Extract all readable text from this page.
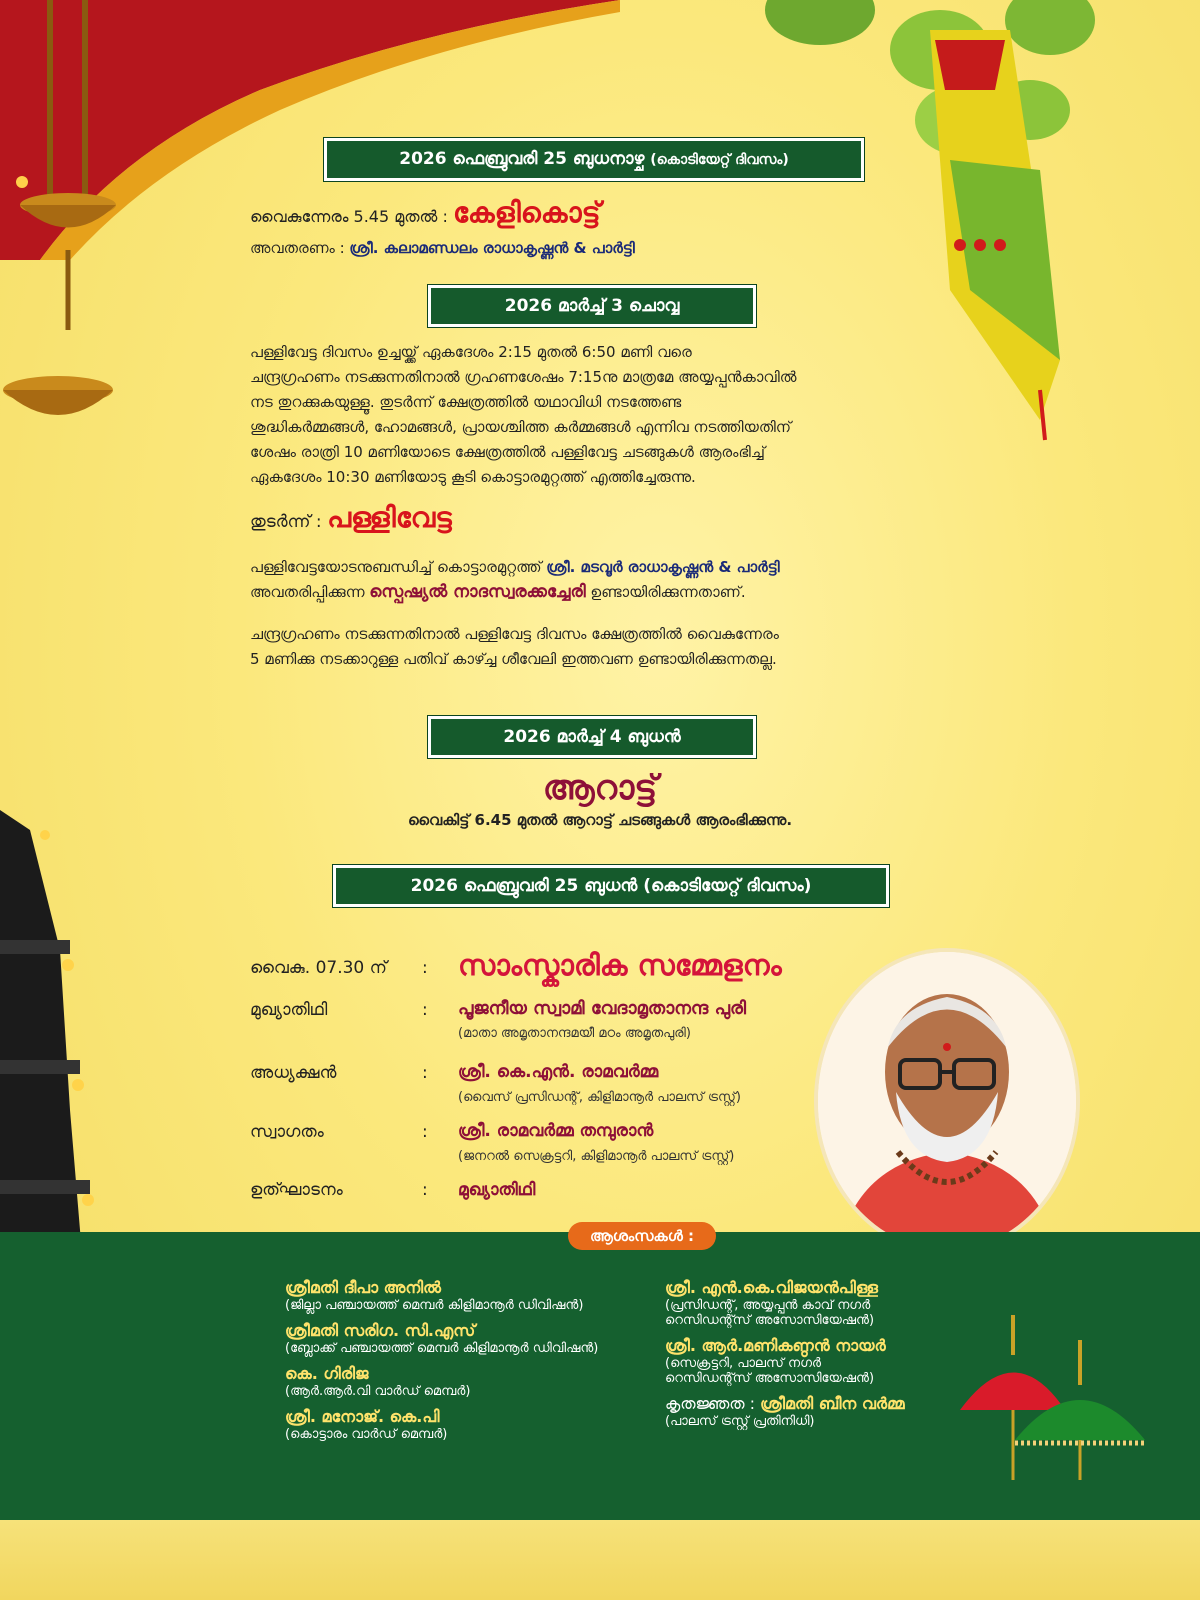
2026 ഫെബ്രുവരി 25 ബുധനാഴ്ച (കൊടിയേറ്റ് ദിവസം)
വൈകുന്നേരം 5.45 മുതൽ : കേളികൊട്ട്
അവതരണം : ശ്രീ. കലാമണ്ഡലം രാധാകൃഷ്ണൻ & പാർട്ടി
2026 മാർച്ച് 3 ചൊവ്വ
പള്ളിവേട്ട ദിവസം ഉച്ചയ്ക്ക് ഏകദേശം 2:15 മുതൽ 6:50 മണി വരെ
ചന്ദ്രഗ്രഹണം നടക്കുന്നതിനാൽ ഗ്രഹണശേഷം 7:15നു മാത്രമേ അയ്യപ്പൻകാവിൽ
നട തുറക്കുകയുള്ളൂ. തുടർന്ന് ക്ഷേത്രത്തിൽ യഥാവിധി നടത്തേണ്ട
ശുദ്ധികർമ്മങ്ങൾ, ഹോമങ്ങൾ, പ്രായശ്ചിത്ത കർമ്മങ്ങൾ എന്നിവ നടത്തിയതിന്
ശേഷം രാത്രി 10 മണിയോടെ ക്ഷേത്രത്തിൽ പള്ളിവേട്ട ചടങ്ങുകൾ ആരംഭിച്ച്
ഏകദേശം 10:30 മണിയോടു കൂടി കൊട്ടാരമുറ്റത്ത് എത്തിച്ചേരുന്നു.
തുടർന്ന് : പള്ളിവേട്ട
പള്ളിവേട്ടയോടനുബന്ധിച്ച് കൊട്ടാരമുറ്റത്ത് ശ്രീ. മടവൂർ രാധാകൃഷ്ണൻ & പാർട്ടി
അവതരിപ്പിക്കുന്ന സ്പെഷ്യൽ നാദസ്വരക്കച്ചേരി ഉണ്ടായിരിക്കുന്നതാണ്.
ചന്ദ്രഗ്രഹണം നടക്കുന്നതിനാൽ പള്ളിവേട്ട ദിവസം ക്ഷേത്രത്തിൽ വൈകുന്നേരം
5 മണിക്കു നടക്കാറുള്ള പതിവ് കാഴ്ച്ച ശീവേലി ഇത്തവണ ഉണ്ടായിരിക്കുന്നതല്ല.
2026 മാർച്ച് 4 ബുധൻ
ആറാട്ട്
വൈകിട്ട് 6.45 മുതൽ ആറാട്ട് ചടങ്ങുകൾ ആരംഭിക്കുന്നു.
2026 ഫെബ്രുവരി 25 ബുധൻ (കൊടിയേറ്റ് ദിവസം)
വൈകു. 07.30 ന് : സാംസ്കാരിക സമ്മേളനം
മുഖ്യാതിഥി	: പൂജനീയ സ്വാമി വേദാമൃതാനന്ദ പുരി
(മാതാ അമൃതാനന്ദമയീ മഠം അമൃതപുരി)
അധ്യക്ഷൻ	: ശ്രീ. കെ.എൻ. രാമവർമ്മ
(വൈസ് പ്രസിഡന്റ്, കിളിമാനൂർ പാലസ് ട്രസ്റ്റ്)
സ്വാഗതം	: ശ്രീ. രാമവർമ്മ തമ്പുരാൻ
(ജനറൽ സെക്രട്ടറി, കിളിമാനൂർ പാലസ് ട്രസ്റ്റ്)
ഉത്ഘാടനം	: മുഖ്യാതിഥി
ആശംസകൾ :
ശ്രീമതി ദീപാ അനിൽ
(ജില്ലാ പഞ്ചായത്ത് മെമ്പർ കിളിമാനൂർ ഡിവിഷൻ)
ശ്രീമതി സരിഗ. സി.എസ്
(ബ്ലോക്ക് പഞ്ചായത്ത് മെമ്പർ കിളിമാനൂർ ഡിവിഷൻ)
കെ. ഗിരിജ
(ആർ.ആർ.വി വാർഡ് മെമ്പർ)
ശ്രീ. മനോജ്. കെ.പി
(കൊട്ടാരം വാർഡ് മെമ്പർ)
ശ്രീ. എൻ.കെ.വിജയൻപിള്ള
(പ്രസിഡന്റ്, അയ്യപ്പൻ കാവ് നഗർ
റെസിഡന്റ്സ് അസോസിയേഷൻ)
ശ്രീ. ആർ.മണികണ്ഠൻ നായർ
(സെക്രട്ടറി, പാലസ് നഗർ
റെസിഡന്റ്സ് അസോസിയേഷൻ)
കൃതജ്ഞത : ശ്രീമതി ബീന വർമ്മ
(പാലസ് ട്രസ്റ്റ് പ്രതിനിധി)
